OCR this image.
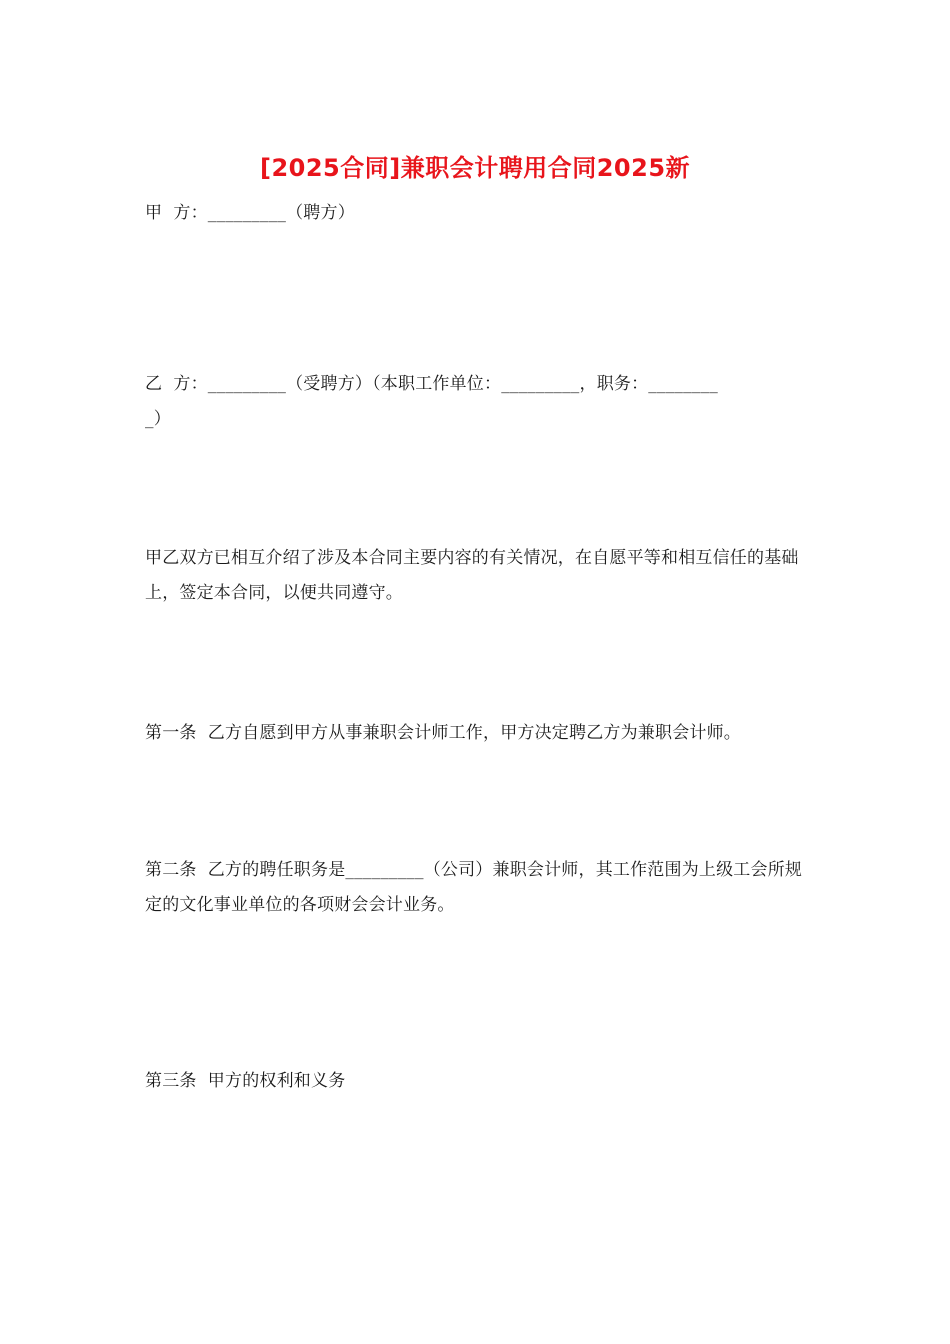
[2025合同]兼职会计聘用合同2025新
甲  方：_________（聘方）
乙  方：_________（受聘方）（本职工作单位：_________，职务：________
_）
甲乙双方已相互介绍了涉及本合同主要内容的有关情况，在自愿平等和相互信任的基础上，签定本合同，以便共同遵守。
第一条  乙方自愿到甲方从事兼职会计师工作，甲方决定聘乙方为兼职会计师。
第二条  乙方的聘任职务是_________（公司）兼职会计师，其工作范围为上级工会所规定的文化事业单位的各项财会会计业务。
第三条  甲方的权利和义务
